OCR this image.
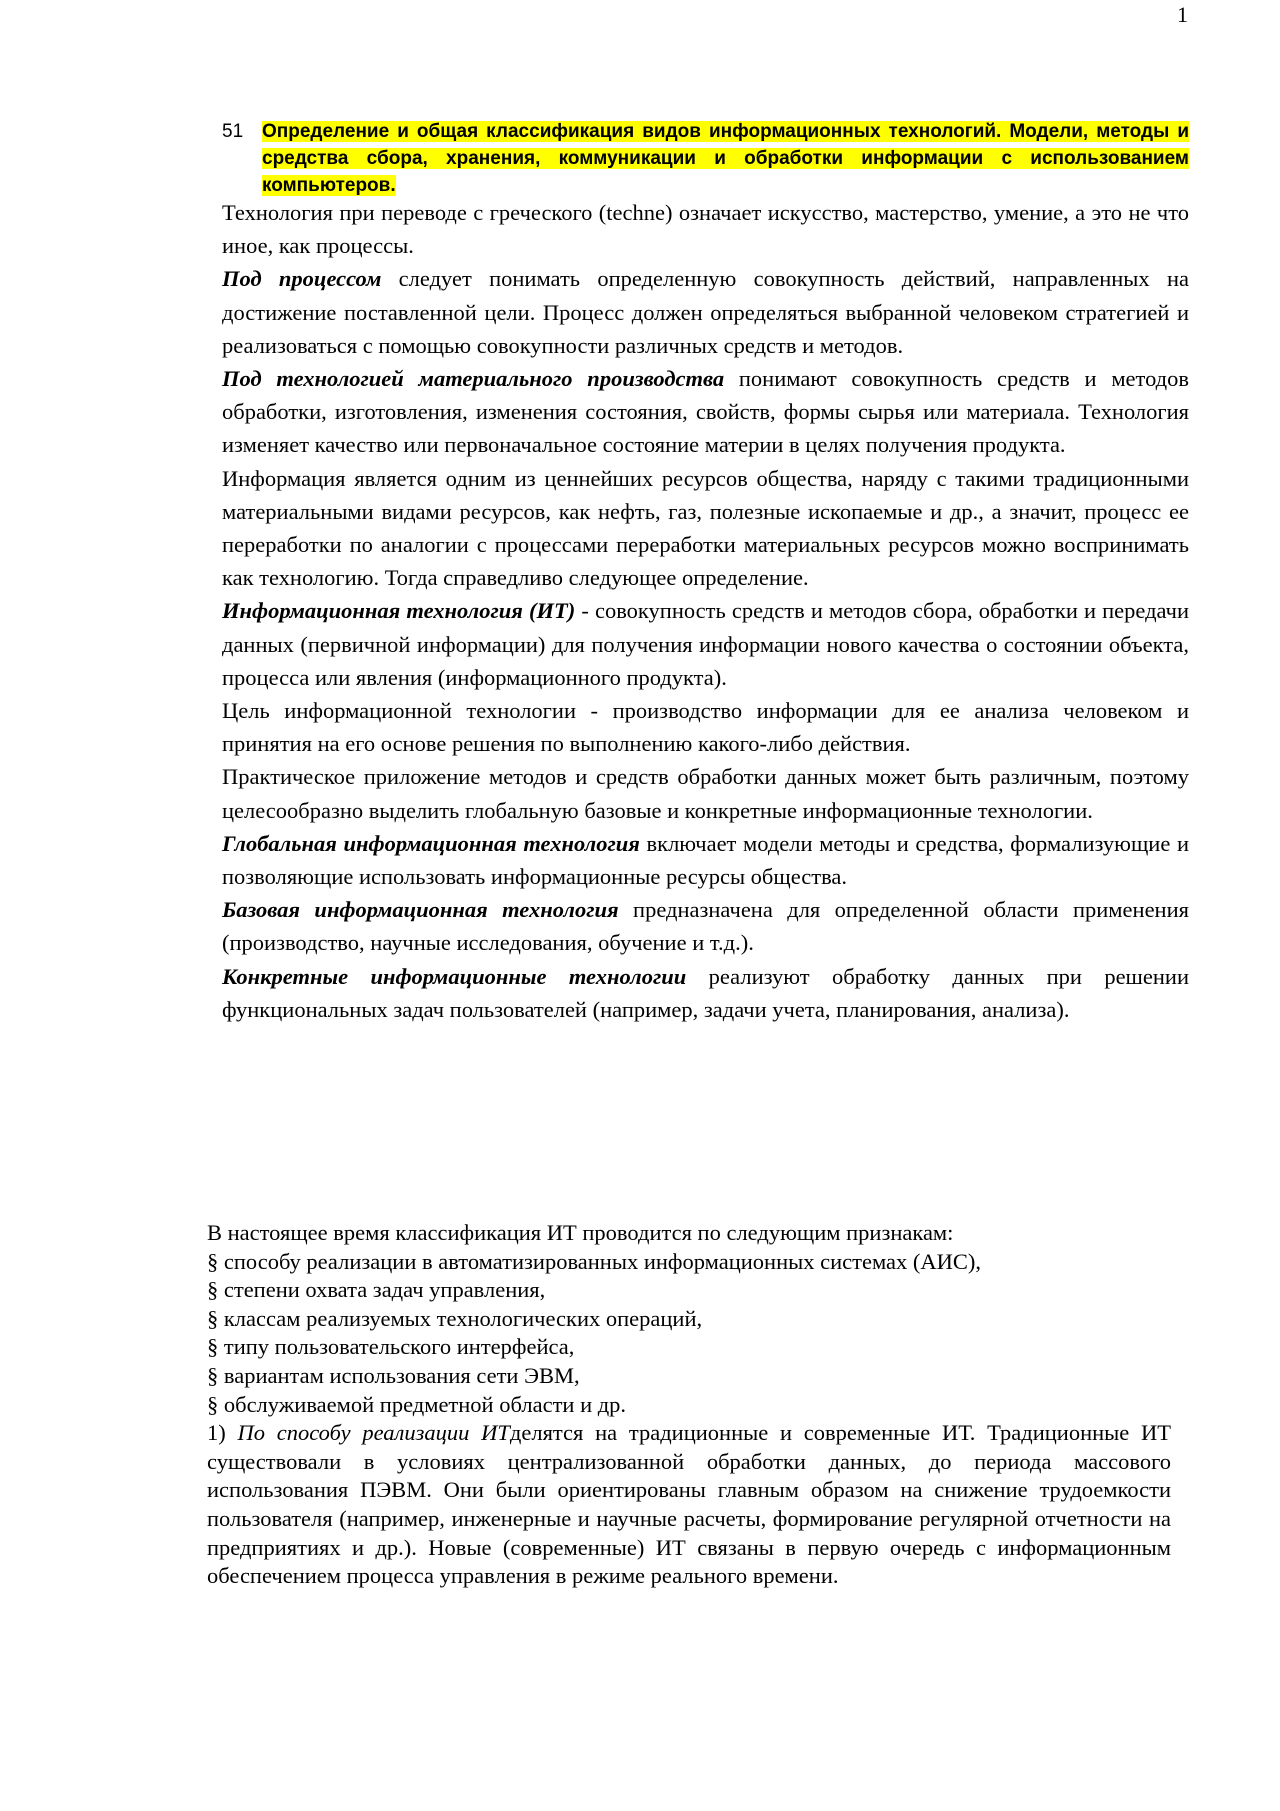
1
51 Определение и общая классификация видов информационных технологий. Модели, методы и средства сбора, хранения, коммуникации и обработки информации с использованием компьютеров.

Технология при переводе с греческого (techne) означает искусство, мастерство, умение, а это не что иное, как процессы.

Под процессом следует понимать определенную совокупность действий, направленных на достижение поставленной цели. Процесс должен определяться выбранной человеком стратегией и реализоваться с помощью совокупности различных средств и методов.

Под технологией материального производства понимают совокупность средств и методов обработки, изготовления, изменения состояния, свойств, формы сырья или материала. Технология изменяет качество или первоначальное состояние материи в целях получения продукта.

Информация является одним из ценнейших ресурсов общества, наряду с такими традиционными материальными видами ресурсов, как нефть, газ, полезные ископаемые и др., а значит, процесс ее переработки по аналогии с процессами переработки материальных ресурсов можно воспринимать как технологию. Тогда справедливо следующее определение.

Информационная технология (ИТ) - совокупность средств и методов сбора, обработки и передачи данных (первичной информации) для получения информации нового качества о состоянии объекта, процесса или явления (информационного продукта).

Цель информационной технологии - производство информации для ее анализа человеком и принятия на его основе решения по выполнению какого-либо действия.

Практическое приложение методов и средств обработки данных может быть различным, поэтому целесообразно выделить глобальную базовые и конкретные информационные технологии.

Глобальная информационная технология включает модели методы и средства, формализующие и позволяющие использовать информационные ресурсы общества.

Базовая информационная технология предназначена для определенной области применения (производство, научные исследования, обучение и т.д.).

Конкретные информационные технологии реализуют обработку данных при решении функциональных задач пользователей (например, задачи учета, планирования, анализа).

В настоящее время классификация ИТ проводится по следующим признакам:

§ способу реализации в автоматизированных информационных системах (АИС),
§ степени охвата задач управления,
§ классам реализуемых технологических операций,
§ типу пользовательского интерфейса,
§ вариантам использования сети ЭВМ,
§ обслуживаемой предметной области и др.

1) По способу реализации ИТделятся на традиционные и современные ИТ. Традиционные ИТ существовали в условиях централизованной обработки данных, до периода массового использования ПЭВМ. Они были ориентированы главным образом на снижение трудоемкости пользователя (например, инженерные и научные расчеты, формирование регулярной отчетности на предприятиях и др.). Новые (современные) ИТ связаны в первую очередь с информационным обеспечением процесса управления в режиме реального времени.
